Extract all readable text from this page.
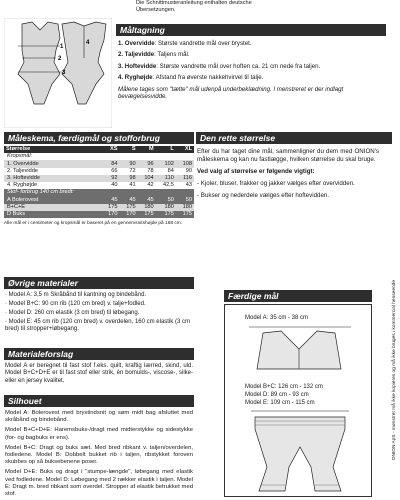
Die Schnittmusteranleitung enthalten deutsche
Übersetzungen.
1
2
3
4
Måltagning
1. Overvidde: Største vandrette mål over brystet.
2. Taljevidde: Taljens mål.
3. Hoftevidde: Største vandrette mål over hoften ca. 21 cm nede fra taljen.
4. Ryghøjde: Afstand fra øverste nakkehvirvel til talje.
Målene tages som "tætte" mål udenpå underbeklædning. I menstreret er der indlagt bevægelsesvidde.
Måleskema, færdigmål og stofforbrug
Størrelse	XS	S	M	L	XL
Kropsmål:					
1. Overvidde	84	90	96	102	108
2. Taljevidde	66	72	78	84	90
3. Hoftevidde	92	98	104	110	116
4. Ryghøjde	40	41	42	42,5	43
Stof- forbrug 140 cm bredt:					
A Bolerovest	45	45	45	50	50
B+C+E	175	175	180	180	180
D Buks	170	170	175	175	175
Alle mål er i centimeter og kropsmål er baseret på en gennemsnitshøjde på 168 cm.
Den rette størrelse

Efter du har taget dine mål, sammenligner du dem med ONION's måleskema og kan nu fastlægge, hvilken størrelse du skal bruge.

Ved valg af størrelse er følgende vigtigt:

- Kjoler, bluser, frakker og jakker vælges efter overvidden.

- Bukser og nederdele vælges efter hoftevidden.

Øvrige materialer
· Model A: 3,5 m Skråbånd til kantning og bindebånd.
· Model B+C: 90 cm rib (120 cm bred) v. talje+fodled.
· Model D: 260 cm elastik (3 cm bred) til løbegang.
· Model E: 45 cm rib (120 cm bred) v. overdelen, 160 cm elastik (3 cm bred) til stropper+løbegang.
Materialeforslag
Model A er beregnet til fast stof f.eks. quilt, kraftig lærred, skind, uld. Model B+C+D+E er til fast stof eller strik, én bomulds-, viscose-, silke- eller en jersey kvalitet.
Silhouet

Model A: Bolerovest med brystindsnit og søm midt bag afsluttet med skråbånd og bindebånd.

Model B+C+D+E: Haremsbuks-/dragt med midterstykke og sidestykke (for- og bagbuks er ens).

Model B+C: Dragt og buks sæt. Med bred ribkant v. taljen/overdelen, fodledene. Model B: Dobbelt bukket rib i taljen, ribstykket foroven skubbes op så buksebenene poser.

Model D+E: Buks og dragt i "stumpe-længde", løbegang med elastik ved fodledene. Model D: Løbegang med 2 rækker elastik i taljen. Model E: Dragt m. bred ribkant som overdel. Stropper af elastik betrukket med stof.

Færdige mål
Model A: 35 cm - 38 cm
Model B+C: 126 cm - 132 cm
Model D: 89 cm - 93 cm
Model E: 109 cm - 115 cm	ONION ApS - mønstret må ikke kopieres og må ikke bruges i kommercial henseende
